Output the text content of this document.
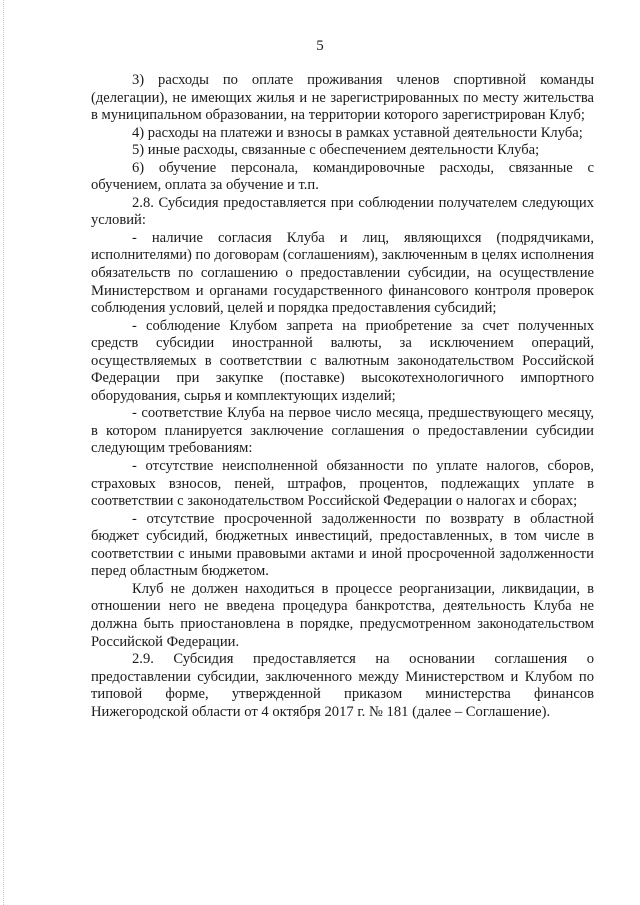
5

3) расходы по оплате проживания членов спортивной команды (делегации), не имеющих жилья и не зарегистрированных по месту жительства в муниципальном образовании, на территории которого зарегистрирован Клуб;

4) расходы на платежи и взносы в рамках уставной деятельности Клуба;

5) иные расходы, связанные с обеспечением деятельности Клуба;

6) обучение персонала, командировочные расходы, связанные с обучением, оплата за обучение и т.п.

2.8. Субсидия предоставляется при соблюдении получателем следующих условий:

- наличие согласия Клуба и лиц, являющихся (подрядчиками, исполнителями) по договорам (соглашениям), заключенным в целях исполнения обязательств по соглашению о предоставлении субсидии, на осуществление Министерством и органами государственного финансового контроля проверок соблюдения условий, целей и порядка предоставления субсидий;

- соблюдение Клубом запрета на приобретение за счет полученных средств субсидии иностранной валюты, за исключением операций, осуществляемых в соответствии с валютным законодательством Российской Федерации при закупке (поставке) высокотехнологичного импортного оборудования, сырья и комплектующих изделий;

- соответствие Клуба на первое число месяца, предшествующего месяцу, в котором планируется заключение соглашения о предоставлении субсидии следующим требованиям:

- отсутствие неисполненной обязанности по уплате налогов, сборов, страховых взносов, пеней, штрафов, процентов, подлежащих уплате в соответствии с законодательством Российской Федерации о налогах и сборах;

- отсутствие просроченной задолженности по возврату в областной бюджет субсидий, бюджетных инвестиций, предоставленных, в том числе в соответствии с иными правовыми актами и иной просроченной задолженности перед областным бюджетом.

Клуб не должен находиться в процессе реорганизации, ликвидации, в отношении него не введена процедура банкротства, деятельность Клуба не должна быть приостановлена в порядке, предусмотренном законодательством Российской Федерации.

2.9. Субсидия предоставляется на основании соглашения о предоставлении субсидии, заключенного между Министерством и Клубом по типовой форме, утвержденной приказом министерства финансов Нижегородской области от 4 октября 2017 г. № 181 (далее – Соглашение).
